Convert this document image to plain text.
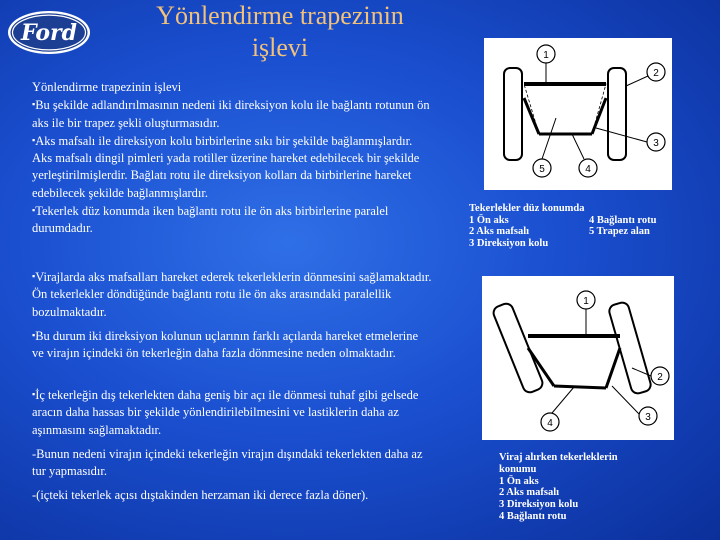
Ford
Yönlendirme trapezinin
işlevi
Yönlendirme trapezinin işlevi
▪ Bu şekilde adlandırılmasının nedeni iki direksiyon kolu ile bağlantı rotunun ön aks ile bir trapez şekli oluşturmasıdır.
▪ Aks mafsalı ile direksiyon kolu birbirlerine sıkı bir şekilde bağlanmışlardır. Aks mafsalı dingil pimleri yada rotiller üzerine hareket edebilecek bir şekilde yerleştirilmişlerdir. Bağlatı rotu ile direksiyon kolları da birbirlerine hareket edebilecek şekilde bağlanmışlardır.
▪ Tekerlek düz konumda iken bağlantı rotu ile ön aks birbirlerine paralel durumdadır.
▪ Virajlarda aks mafsalları hareket ederek tekerleklerin dönmesini sağlamaktadır. Ön tekerlekler döndüğünde bağlantı rotu ile ön aks arasındaki paralellik bozulmaktadır.
▪ Bu durum iki direksiyon kolunun uçlarının farklı açılarda hareket etmelerine ve virajın içindeki ön tekerleğin daha fazla dönmesine neden olmaktadır.
▪ İç tekerleğin dış tekerlekten daha geniş bir açı ile dönmesi tuhaf gibi gelsede aracın daha hassas bir şekilde yönlendirilebilmesini ve lastiklerin daha az aşınmasını sağlamaktadır.
-Bunun nedeni virajın içindeki tekerleğin virajın dışındaki tekerlekten daha az tur yapmasıdır.
-(içteki tekerlek açısı dıştakinden herzaman iki derece fazla döner).
1
2
3
5	4
Tekerlekler düz konumda
1 Ön aks	4 Bağlantı rotu
2 Aks mafsalı	5 Trapez alan
3 Direksiyon kolu
1
2
3
4
Viraj alırken tekerleklerin
konumu
1 Ön aks
2 Aks mafsalı
3 Direksiyon kolu
4 Bağlantı rotu
